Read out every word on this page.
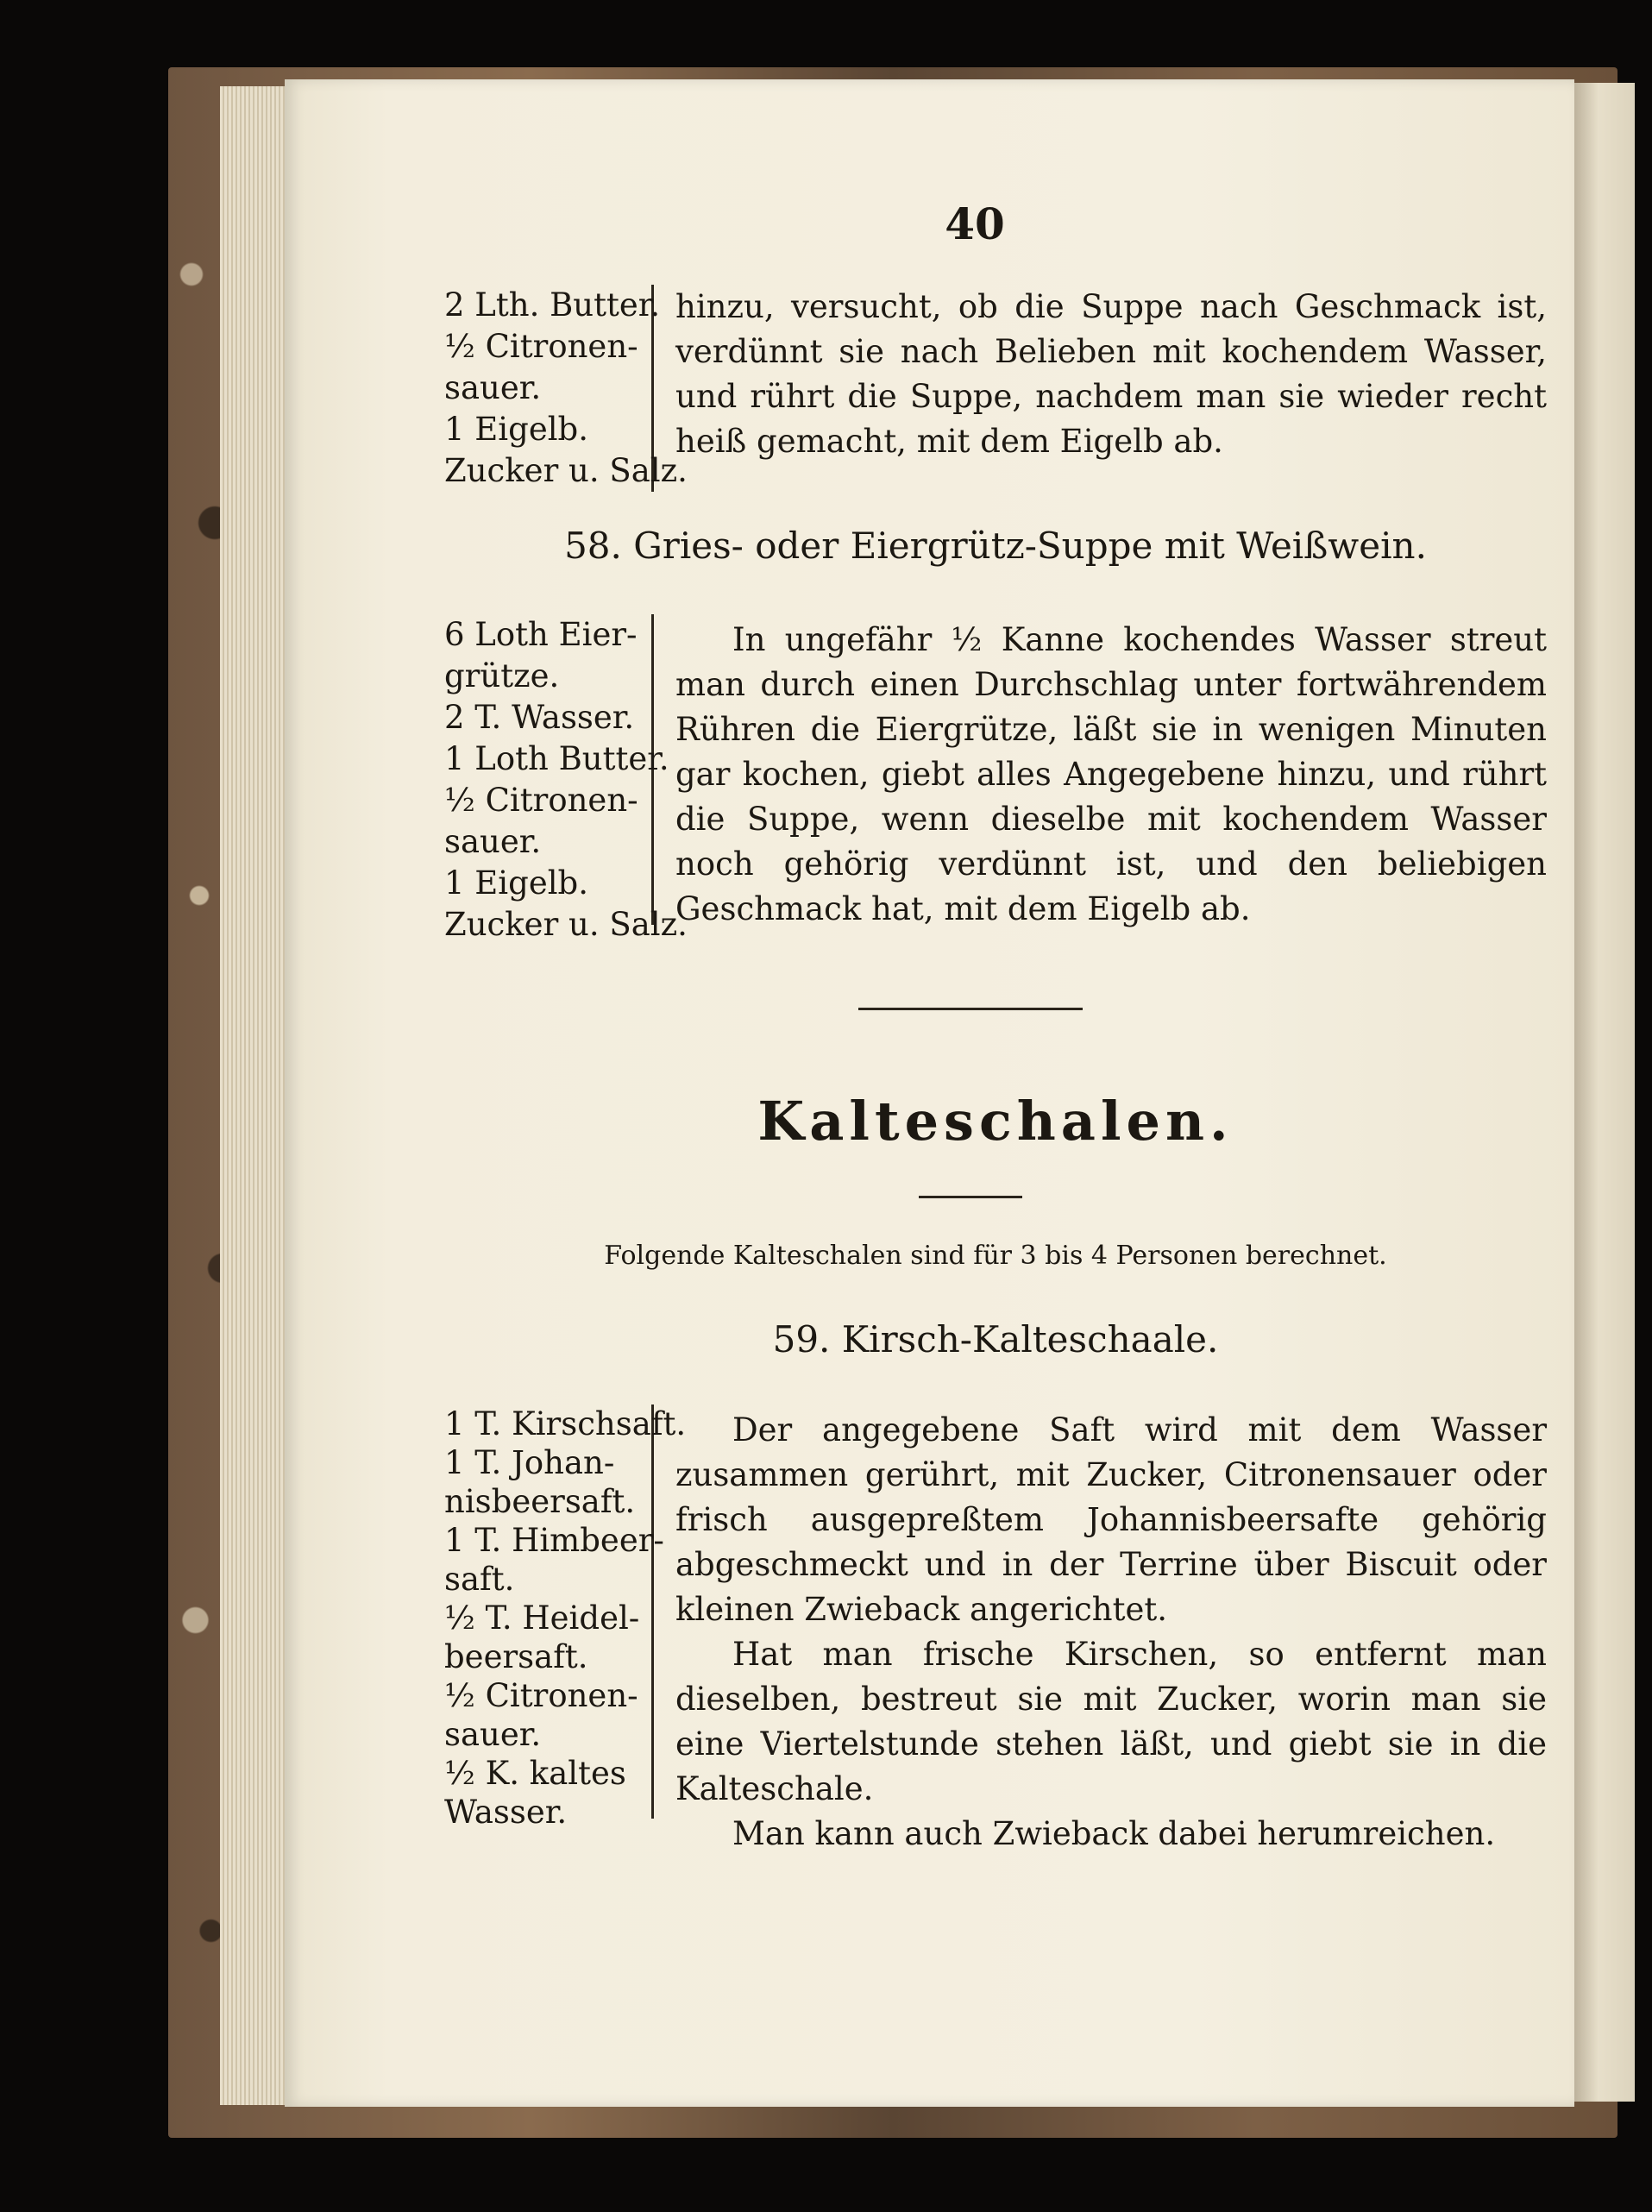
40
2 Lth. Butter.
½ Citronen-
sauer.
1 Eigelb.
Zucker u. Salz.

hinzu, versucht, ob die Suppe nach Geschmack ist, verdünnt sie nach Belieben mit kochendem Wasser, und rührt die Suppe, nachdem man sie wieder recht heiß gemacht, mit dem Eigelb ab.

58. Gries- oder Eiergrütz-Suppe mit Weißwein.
6 Loth Eier-
grütze.
2 T. Wasser.
1 Loth Butter.
½ Citronen-
sauer.
1 Eigelb.
Zucker u. Salz.

In ungefähr ½ Kanne kochendes Wasser streut man durch einen Durchschlag unter fortwährendem Rühren die Eiergrütze, läßt sie in wenigen Minuten gar kochen, giebt alles Angegebene hinzu, und rührt die Suppe, wenn dieselbe mit kochendem Wasser noch gehörig verdünnt ist, und den beliebigen Geschmack hat, mit dem Eigelb ab.

Kalteschalen.
Folgende Kalteschalen sind für 3 bis 4 Personen berechnet.
59. Kirsch-Kalteschaale.
1 T. Kirschsaft.
1 T. Johan-
nisbeersaft.
1 T. Himbeer-
saft.
½ T. Heidel-
beersaft.
½ Citronen-
sauer.
½ K. kaltes
Wasser.

Der angegebene Saft wird mit dem Wasser zusammen gerührt, mit Zucker, Citronensauer oder frisch ausgepreßtem Johannisbeersafte gehörig abgeschmeckt und in der Terrine über Biscuit oder kleinen Zwieback angerichtet.

Hat man frische Kirschen, so entfernt man dieselben, bestreut sie mit Zucker, worin man sie eine Viertelstunde stehen läßt, und giebt sie in die Kalteschale.

Man kann auch Zwieback dabei herumreichen.
